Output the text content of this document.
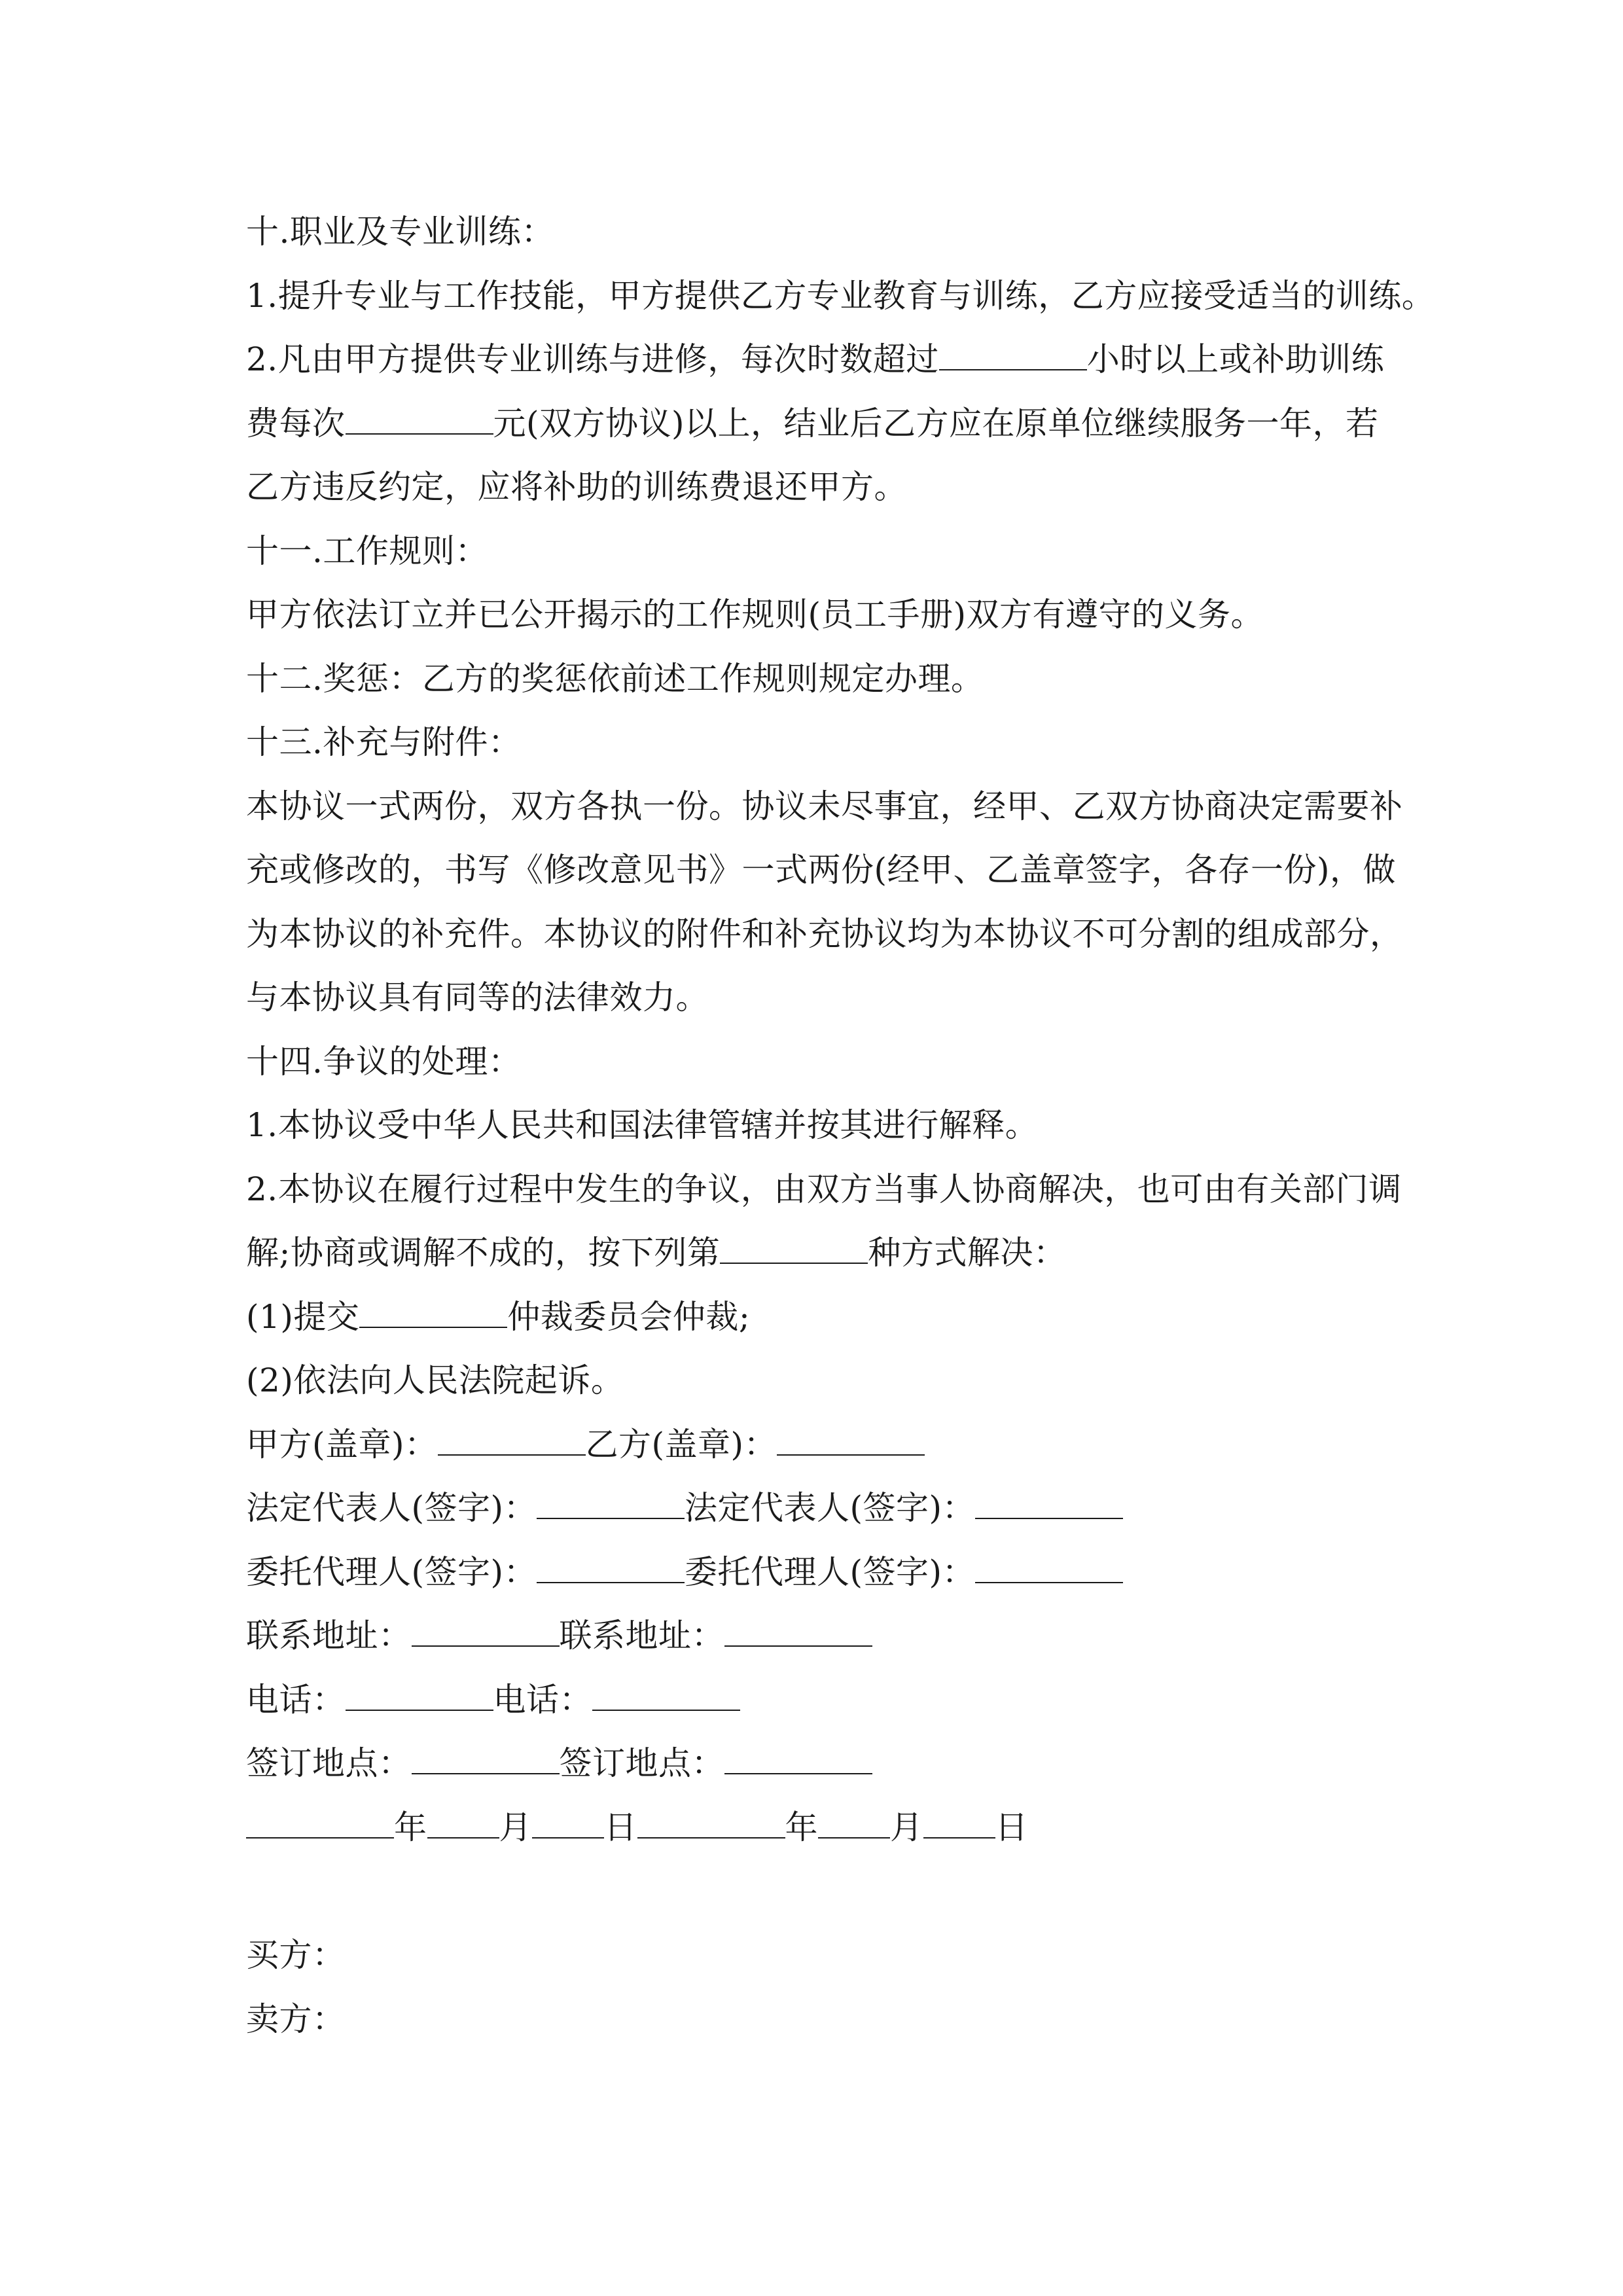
十.职业及专业训练：
1.提升专业与工作技能，甲方提供乙方专业教育与训练，乙方应接受适当的训练。
2.凡由甲方提供专业训练与进修，每次时数超过	小时以上或补助训练
费每次	元(双方协议)以上，结业后乙方应在原单位继续服务一年，若
乙方违反约定，应将补助的训练费退还甲方。
十一.工作规则：
甲方依法订立并已公开揭示的工作规则(员工手册)双方有遵守的义务。
十二.奖惩：乙方的奖惩依前述工作规则规定办理。
十三.补充与附件：
本协议一式两份，双方各执一份。协议未尽事宜，经甲、乙双方协商决定需要补
充或修改的，书写《修改意见书》一式两份(经甲、乙盖章签字，各存一份)，做
为本协议的补充件。本协议的附件和补充协议均为本协议不可分割的组成部分，
与本协议具有同等的法律效力。
十四.争议的处理：
1.本协议受中华人民共和国法律管辖并按其进行解释。
2.本协议在履行过程中发生的争议，由双方当事人协商解决，也可由有关部门调
解;协商或调解不成的，按下列第	种方式解决：
(1)提交	仲裁委员会仲裁;
(2)依法向人民法院起诉。
甲方(盖章)：	乙方(盖章)：
法定代表人(签字)：	法定代表人(签字)：
委托代理人(签字)：	委托代理人(签字)：
联系地址：	联系地址：
电话：	电话：
签订地点：	签订地点：
年 月 日	年 月 日
买方：
卖方：
